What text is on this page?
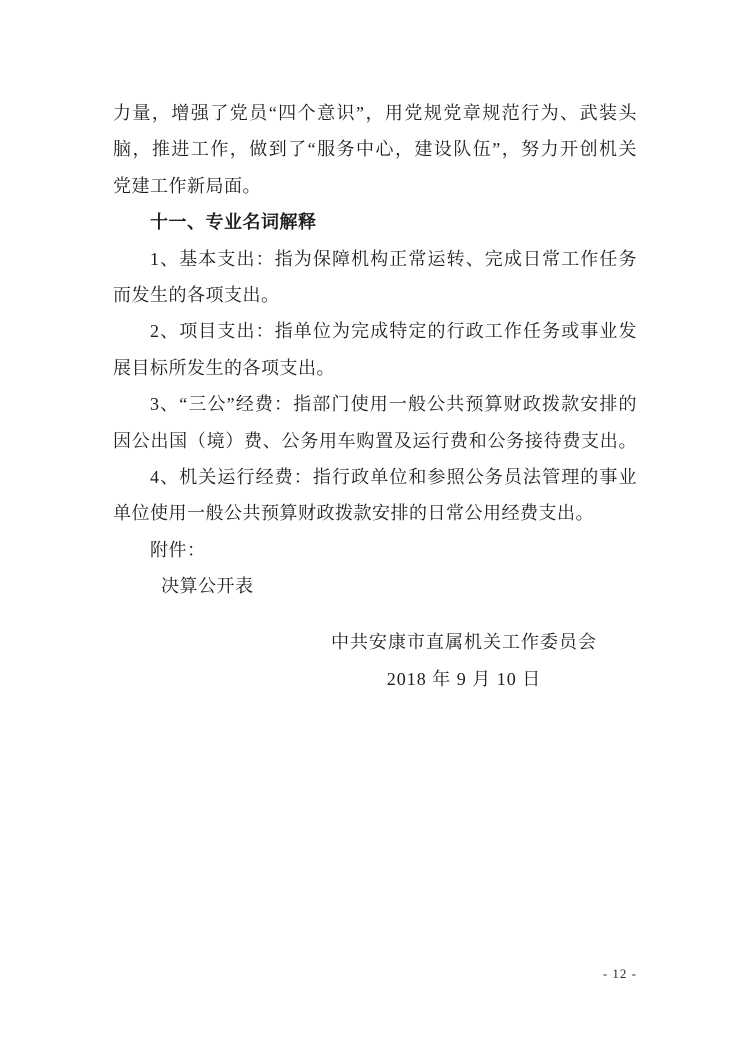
力量，增强了党员“四个意识”，用党规党章规范行为、武装头
脑，推进工作，做到了“服务中心，建设队伍”，努力开创机关
党建工作新局面。
十一、专业名词解释
1、基本支出：指为保障机构正常运转、完成日常工作任务
而发生的各项支出。
2、项目支出：指单位为完成特定的行政工作任务或事业发
展目标所发生的各项支出。
3、“三公”经费：指部门使用一般公共预算财政拨款安排的
因公出国（境）费、公务用车购置及运行费和公务接待费支出。
4、机关运行经费：指行政单位和参照公务员法管理的事业
单位使用一般公共预算财政拨款安排的日常公用经费支出。
附件：
决算公开表
中共安康市直属机关工作委员会
2018 年 9 月 10 日
- 12 -
